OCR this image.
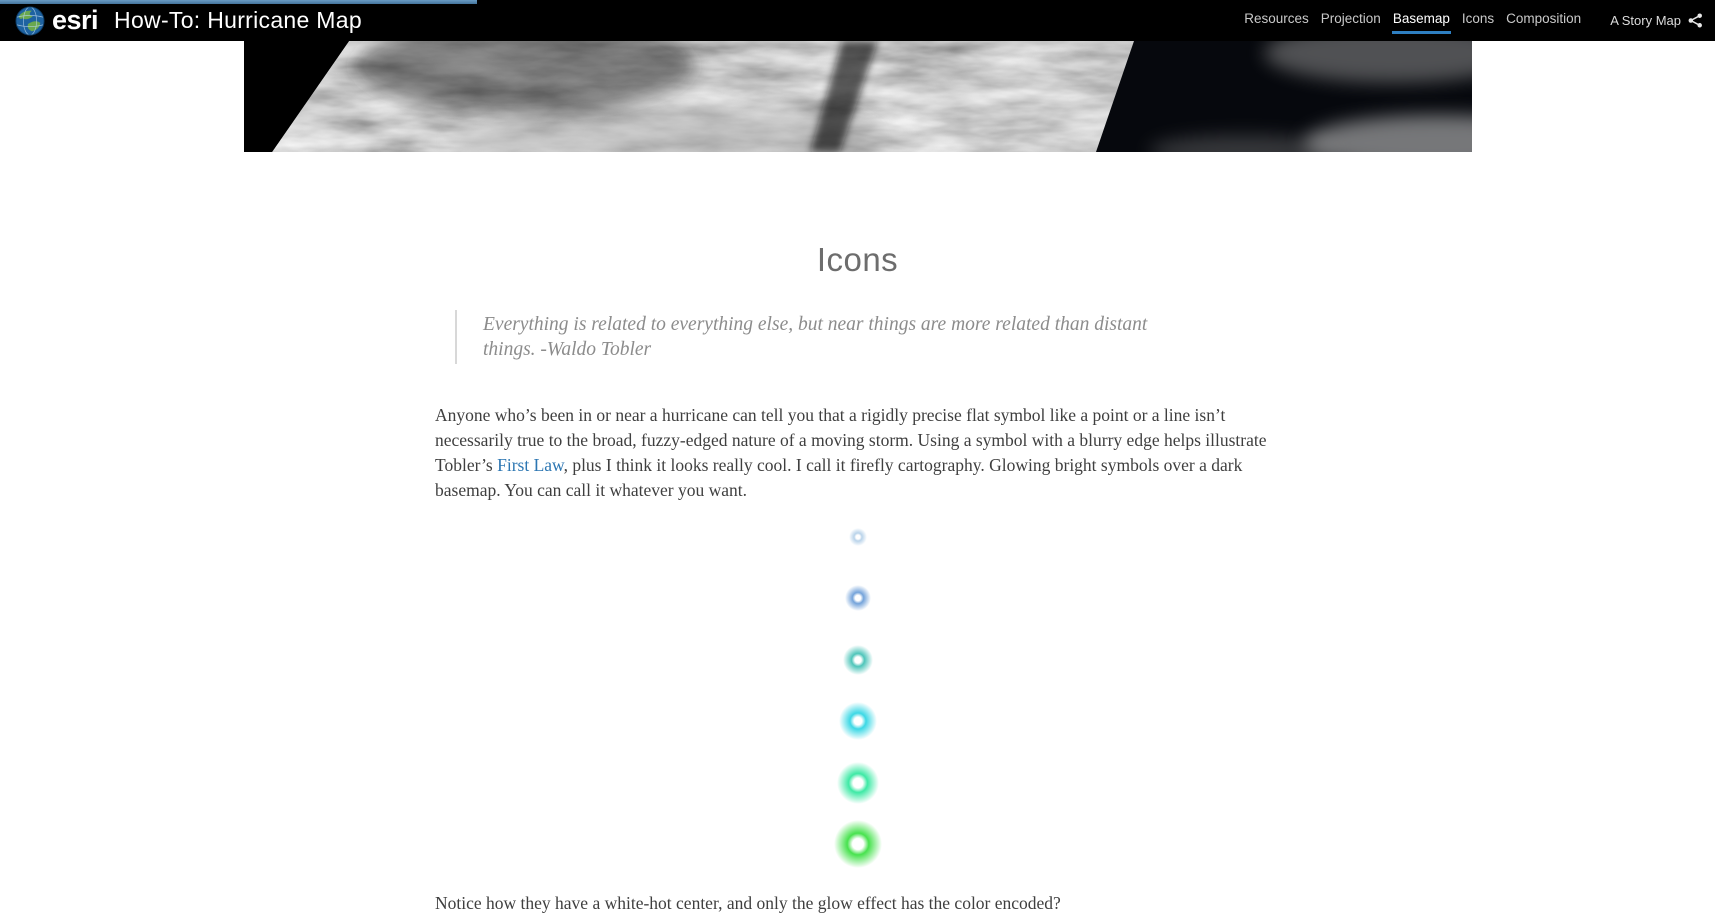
esri How-To: Hurricane Map	Resources Projection Basemap Icons Composition A Story Map
Icons
Everything is related to everything else, but near things are more related than distant things. -Waldo Tobler

Anyone who’s been in or near a hurricane can tell you that a rigidly precise flat symbol like a point or a line isn’t necessarily true to the broad, fuzzy-edged nature of a moving storm. Using a symbol with a blurry edge helps illustrate Tobler’s First Law, plus I think it looks really cool. I call it firefly cartography. Glowing bright symbols over a dark basemap. You can call it whatever you want.

Notice how they have a white-hot center, and only the glow effect has the color encoded?
